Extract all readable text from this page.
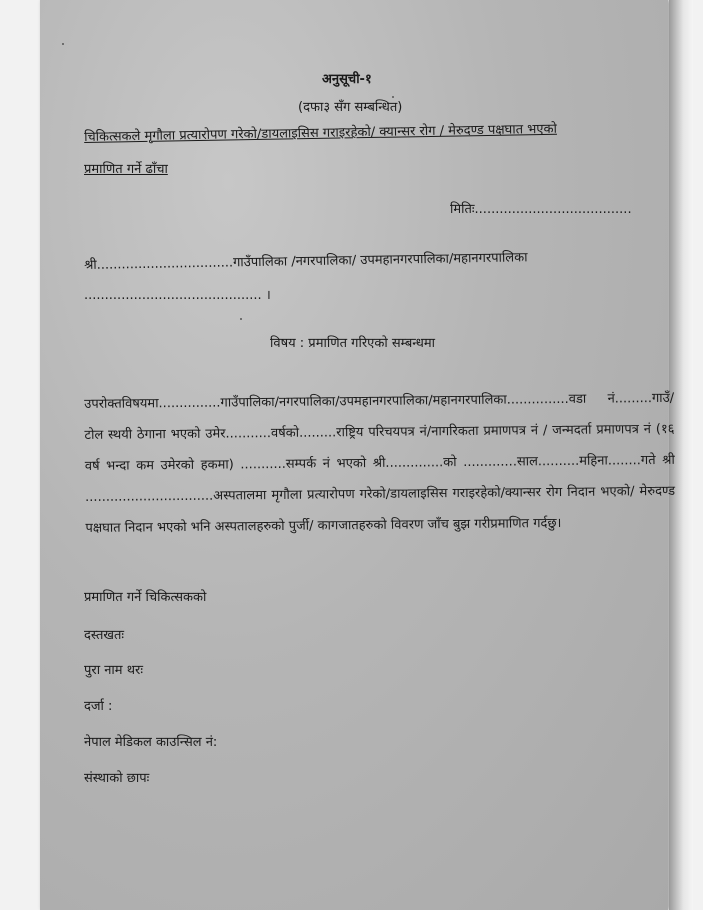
अनुसूची-१
(दफा३ सँग सम्बन्धित)
चिकित्सकले मृगौला प्रत्यारोपण गरेको/डायलाइसिस गराइरहेको/ क्यान्सर रोग / मेरुदण्ड पक्षघात भएको
प्रमाणित गर्ने ढाँचा
मितिः......................................
श्री.................................गाउँपालिका /नगरपालिका/ उपमहानगरपालिका/महानगरपालिका
........................................... ।
विषय : प्रमाणित गरिएको सम्बन्धमा
उपरोक्तविषयमा...............गाउँपालिका/नगरपालिका/उपमहानगरपालिका/महानगरपालिका...............वडा नं.........गाउँ/टोल स्थयी ठेगाना भएको उमेर...........वर्षको.........राष्ट्रिय परिचयपत्र नं/नागरिकता प्रमाणपत्र नं / जन्मदर्ता प्रमाणपत्र नं (१६ वर्ष भन्दा कम उमेरको हकमा) ...........सम्पर्क नं भएको श्री..............को .............साल..........महिना........गते श्री ...............................अस्पतालमा मृगौला प्रत्यारोपण गरेको/डायलाइसिस गराइरहेको/क्यान्सर रोग निदान भएको/ मेरुदण्ड पक्षघात निदान भएको भनि अस्पतालहरुको पुर्जी/ कागजातहरुको विवरण जाँच बुझ गरीप्रमाणित गर्दछु।
प्रमाणित गर्ने चिकित्सकको
दस्तखतः
पुरा नाम थरः
दर्जा :
नेपाल मेडिकल काउन्सिल नं:
संस्थाको छापः
